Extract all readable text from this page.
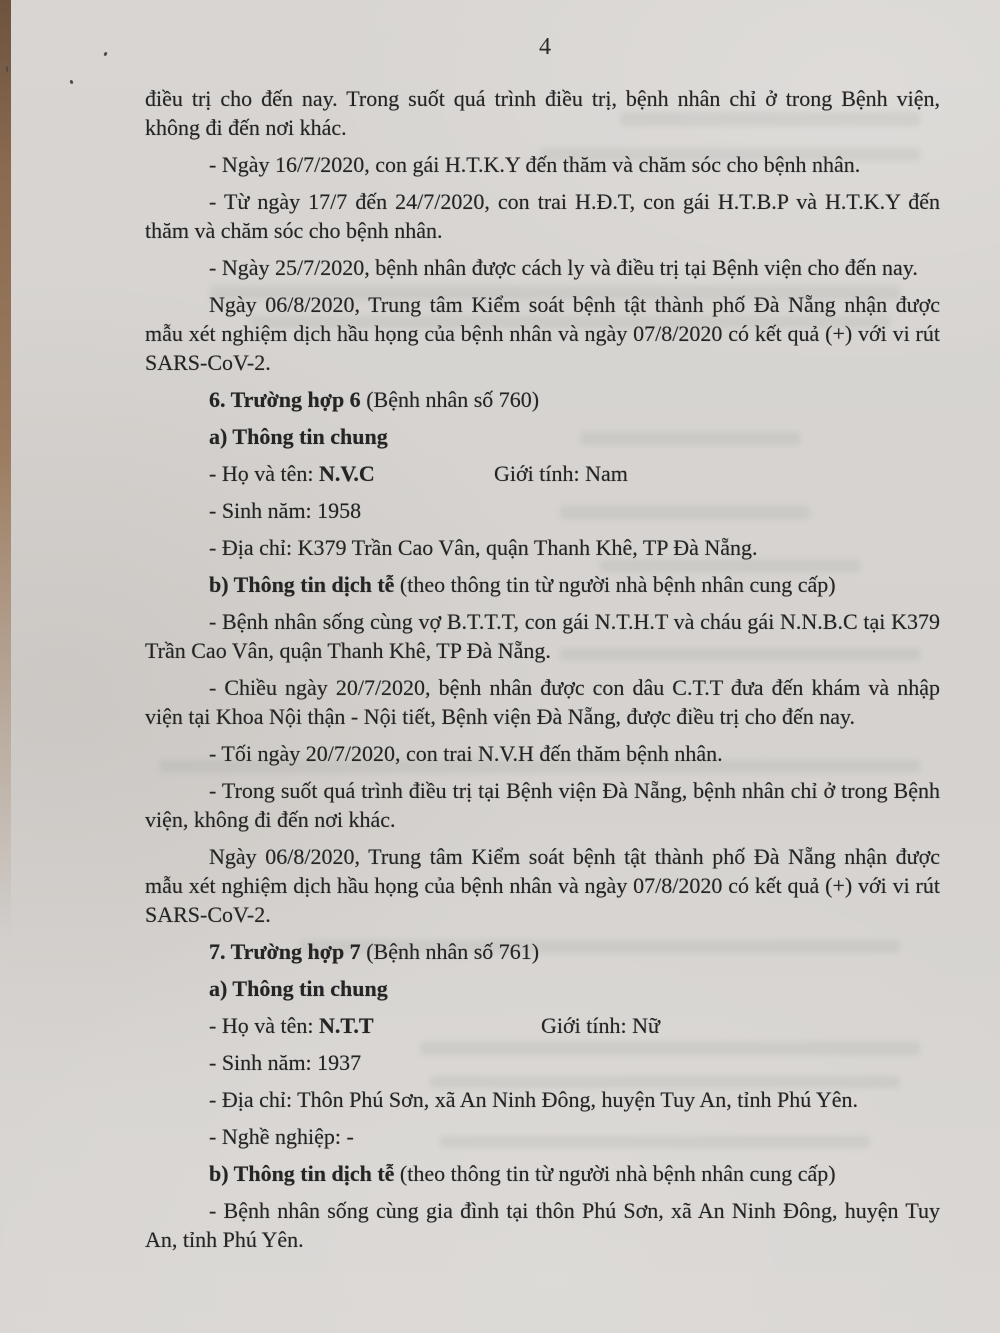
4

điều trị cho đến nay. Trong suốt quá trình điều trị, bệnh nhân chỉ ở trong Bệnh viện, không đi đến nơi khác.

- Ngày 16/7/2020, con gái H.T.K.Y đến thăm và chăm sóc cho bệnh nhân.

- Từ ngày 17/7 đến 24/7/2020, con trai H.Đ.T, con gái H.T.B.P và H.T.K.Y đến thăm và chăm sóc cho bệnh nhân.

- Ngày 25/7/2020, bệnh nhân được cách ly và điều trị tại Bệnh viện cho đến nay.

Ngày 06/8/2020, Trung tâm Kiểm soát bệnh tật thành phố Đà Nẵng nhận được mẫu xét nghiệm dịch hầu họng của bệnh nhân và ngày 07/8/2020 có kết quả (+) với vi rút SARS-CoV-2.

6. Trường hợp 6 (Bệnh nhân số 760)
a) Thông tin chung

- Họ và tên: N.V.C	Giới tính: Nam

- Sinh năm: 1958

- Địa chỉ: K379 Trần Cao Vân, quận Thanh Khê, TP Đà Nẵng.

b) Thông tin dịch tễ (theo thông tin từ người nhà bệnh nhân cung cấp)

- Bệnh nhân sống cùng vợ B.T.T.T, con gái N.T.H.T và cháu gái N.N.B.C tại K379 Trần Cao Vân, quận Thanh Khê, TP Đà Nẵng.

- Chiều ngày 20/7/2020, bệnh nhân được con dâu C.T.T đưa đến khám và nhập viện tại Khoa Nội thận - Nội tiết, Bệnh viện Đà Nẵng, được điều trị cho đến nay.

- Tối ngày 20/7/2020, con trai N.V.H đến thăm bệnh nhân.

- Trong suốt quá trình điều trị tại Bệnh viện Đà Nẵng, bệnh nhân chỉ ở trong Bệnh viện, không đi đến nơi khác.

Ngày 06/8/2020, Trung tâm Kiểm soát bệnh tật thành phố Đà Nẵng nhận được mẫu xét nghiệm dịch hầu họng của bệnh nhân và ngày 07/8/2020 có kết quả (+) với vi rút SARS-CoV-2.

7. Trường hợp 7 (Bệnh nhân số 761)
a) Thông tin chung

- Họ và tên: N.T.T	Giới tính: Nữ

- Sinh năm: 1937

- Địa chỉ: Thôn Phú Sơn, xã An Ninh Đông, huyện Tuy An, tỉnh Phú Yên.

- Nghề nghiệp: -

b) Thông tin dịch tễ (theo thông tin từ người nhà bệnh nhân cung cấp)

- Bệnh nhân sống cùng gia đình tại thôn Phú Sơn, xã An Ninh Đông, huyện Tuy An, tỉnh Phú Yên.
